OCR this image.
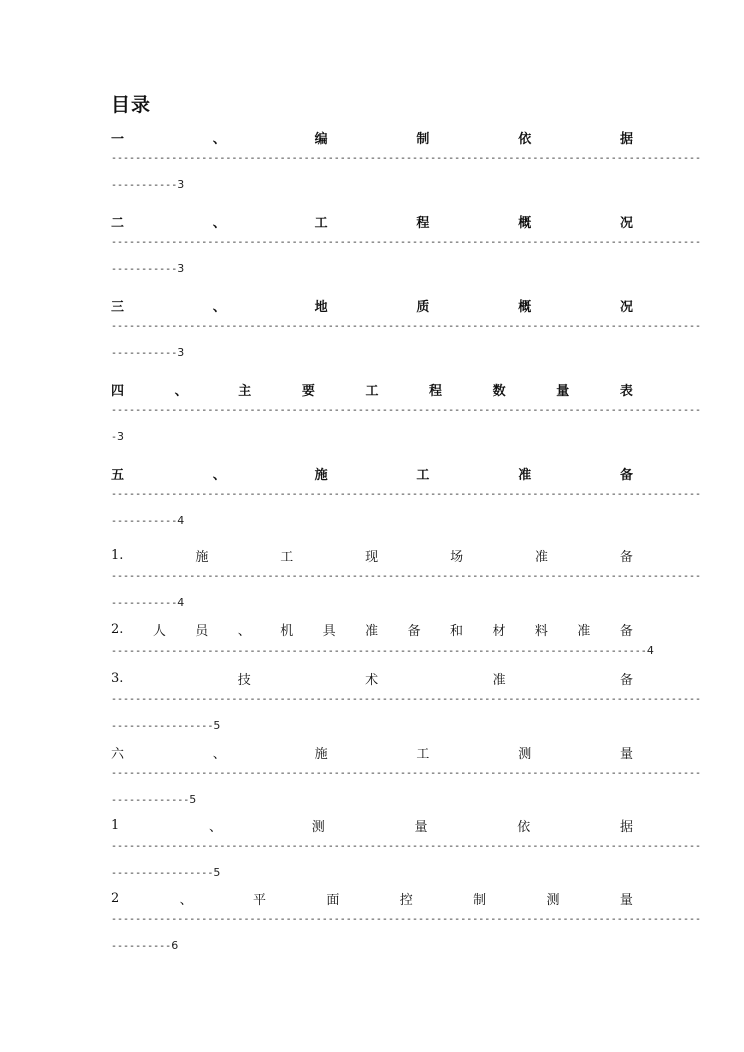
目录
一	、	编	制	依	据
--------------------------------------------------------------------------------------------------
-----------3
二	、	工	程	概	况
--------------------------------------------------------------------------------------------------
-----------3
三	、	地	质	概	况
--------------------------------------------------------------------------------------------------
-----------3
四	、	主	要	工	程	数	量	表
--------------------------------------------------------------------------------------------------
-3
五	、	施	工	准	备
--------------------------------------------------------------------------------------------------
-----------4
1.	施	工	现	场	准	备
--------------------------------------------------------------------------------------------------
-----------4
2. 人 员 、 机 具 准 备 和 材 料 准 备
-----------------------------------------------------------------------------------------4
3.	技	术	准	备
--------------------------------------------------------------------------------------------------
-----------------5
六	、	施	工	测	量
--------------------------------------------------------------------------------------------------
-------------5
1	、	测	量	依	据
--------------------------------------------------------------------------------------------------
-----------------5
2	、	平	面	控	制	测	量
--------------------------------------------------------------------------------------------------
----------6
